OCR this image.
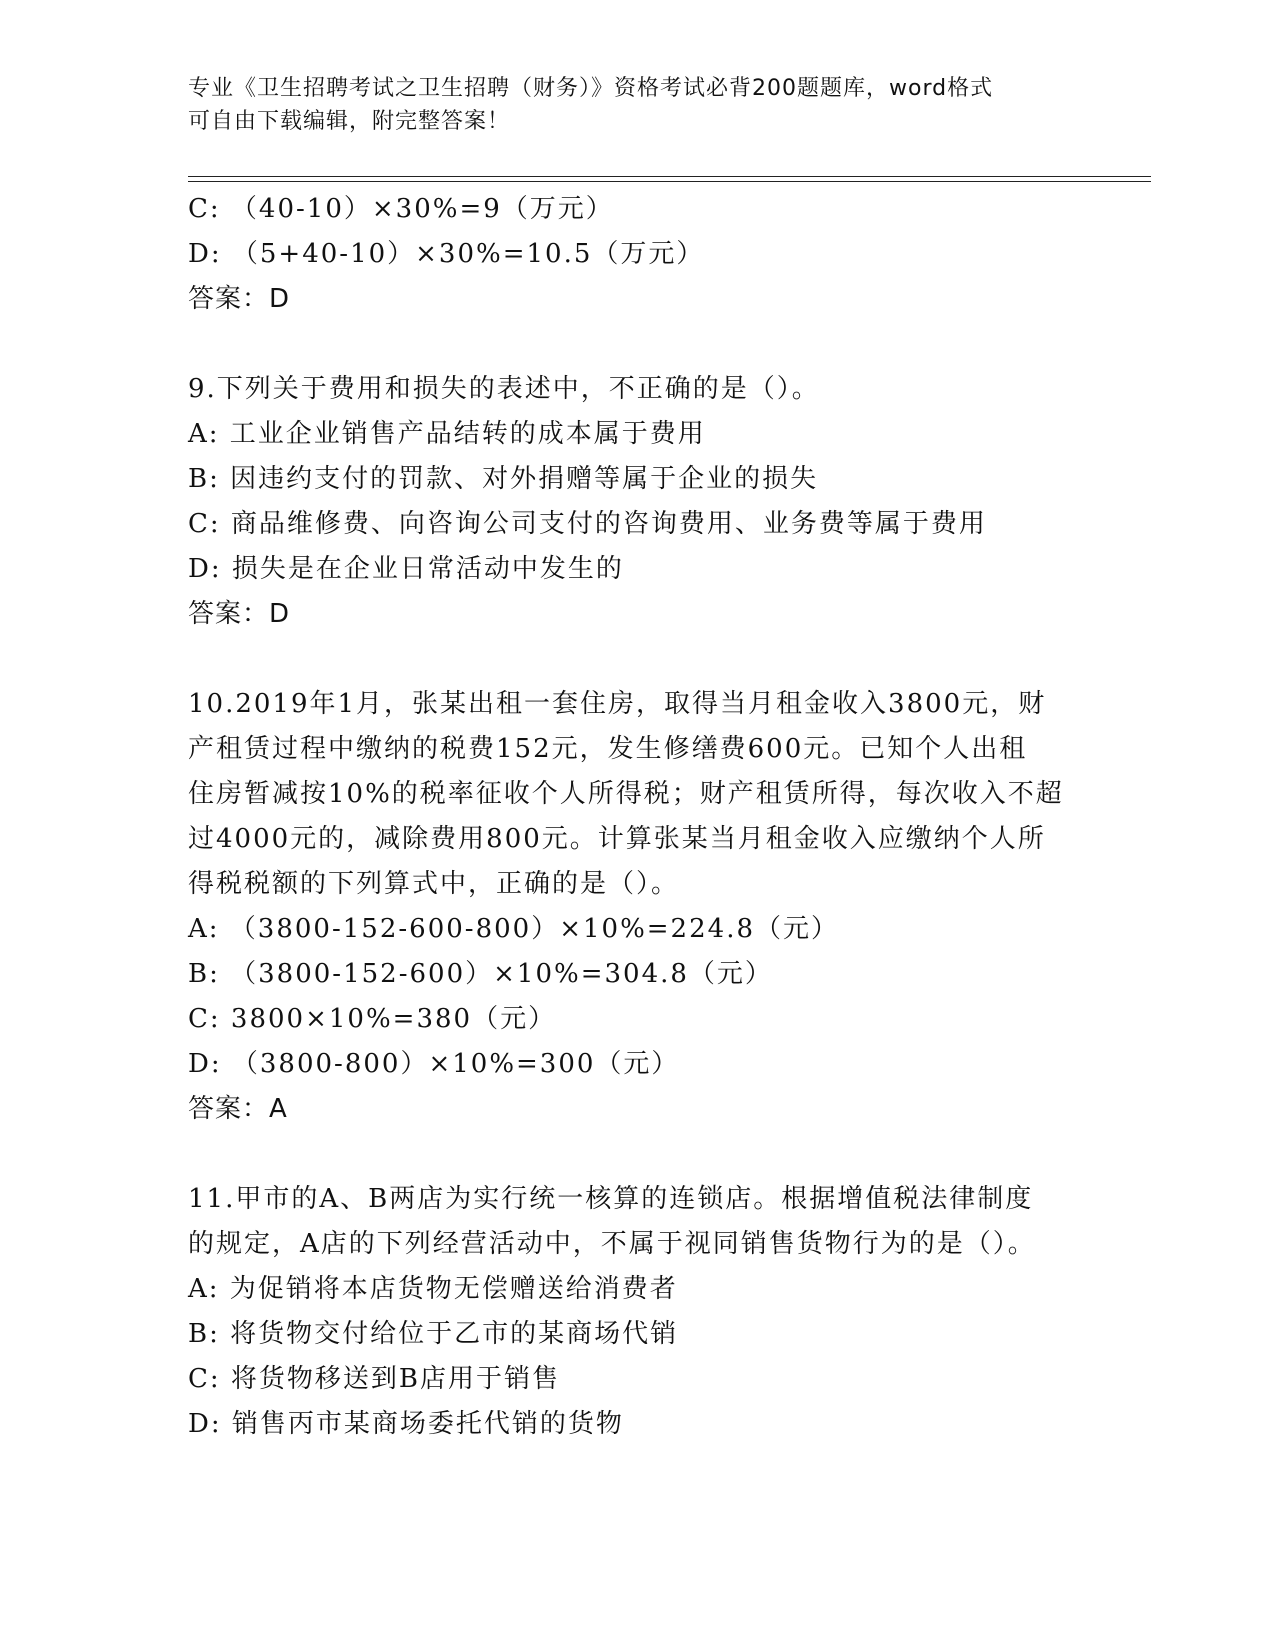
专业《卫生招聘考试之卫生招聘（财务）》资格考试必背200题题库，word格式
可自由下载编辑，附完整答案！
C: （40-10）×30%=9（万元）
D: （5+40-10）×30%=10.5（万元）
答案：D
9.下列关于费用和损失的表述中，不正确的是（）。
A: 工业企业销售产品结转的成本属于费用
B: 因违约支付的罚款、对外捐赠等属于企业的损失
C: 商品维修费、向咨询公司支付的咨询费用、业务费等属于费用
D: 损失是在企业日常活动中发生的
答案：D
10.2019年1月，张某出租一套住房，取得当月租金收入3800元，财
产租赁过程中缴纳的税费152元，发生修缮费600元。已知个人出租
住房暂减按10%的税率征收个人所得税；财产租赁所得，每次收入不超
过4000元的，减除费用800元。计算张某当月租金收入应缴纳个人所
得税税额的下列算式中，正确的是（）。
A: （3800-152-600-800）×10%=224.8（元）
B: （3800-152-600）×10%=304.8（元）
C: 3800×10%=380（元）
D: （3800-800）×10%=300（元）
答案：A
11.甲市的A、B两店为实行统一核算的连锁店。根据增值税法律制度
的规定，A店的下列经营活动中，不属于视同销售货物行为的是（）。
A: 为促销将本店货物无偿赠送给消费者
B: 将货物交付给位于乙市的某商场代销
C: 将货物移送到B店用于销售
D: 销售丙市某商场委托代销的货物
